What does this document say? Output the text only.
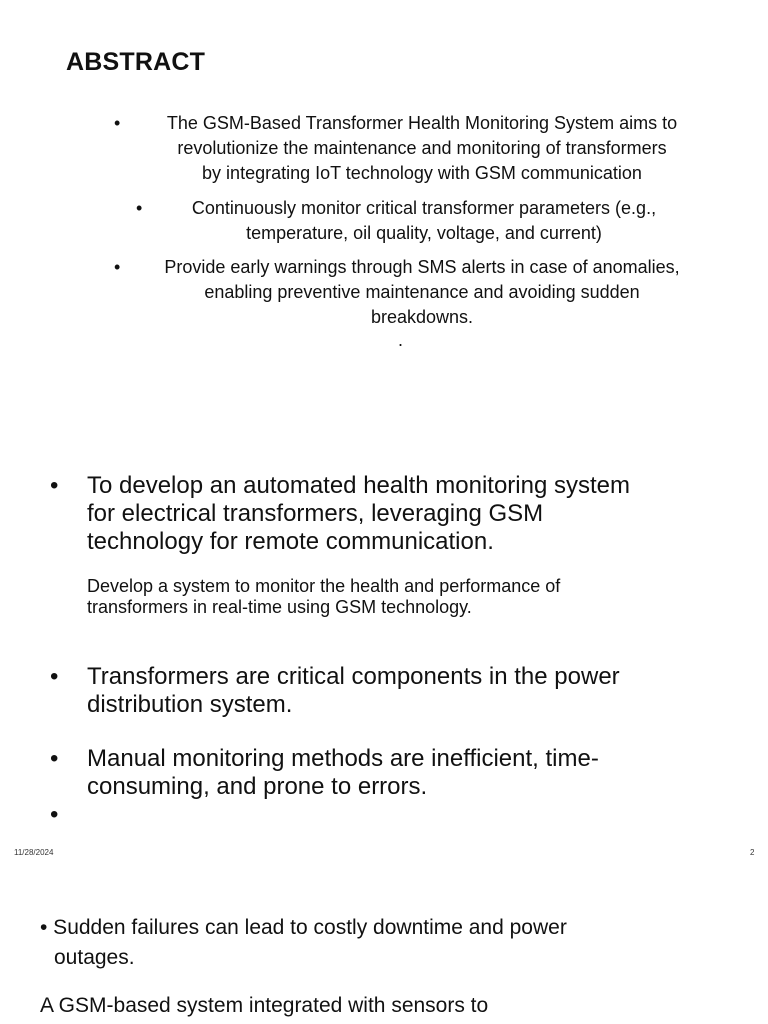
ABSTRACT
•	The GSM-Based Transformer Health Monitoring System aims to
revolutionize the maintenance and monitoring of transformers
by integrating IoT technology with GSM communication
•	Continuously monitor critical transformer parameters (e.g.,
temperature, oil quality, voltage, and current)
•	Provide early warnings through SMS alerts in case of anomalies,
enabling preventive maintenance and avoiding sudden
breakdowns.
.
• To develop an automated health monitoring system
for electrical transformers, leveraging GSM
technology for remote communication.
Develop a system to monitor the health and performance of
transformers in real-time using GSM technology.
• Transformers are critical components in the power
distribution system.
• Manual monitoring methods are inefficient, time-
consuming, and prone to errors.
•
11/28/2024	2
• Sudden failures can lead to costly downtime and power
outages.
A GSM-based system integrated with sensors to
